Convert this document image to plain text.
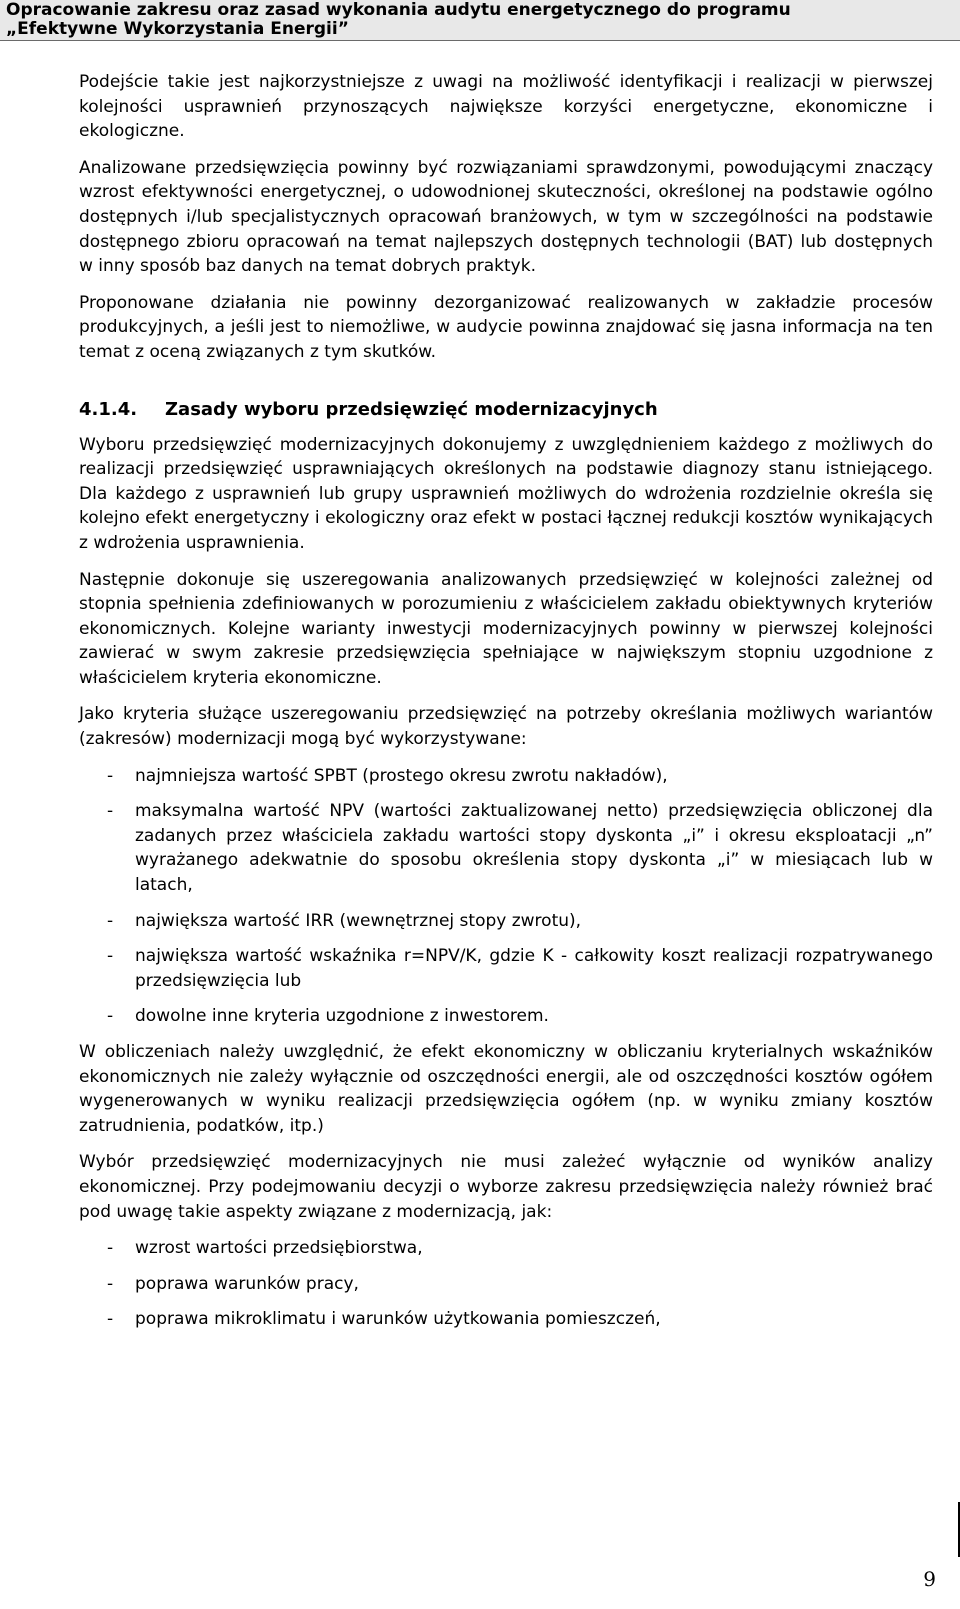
Opracowanie zakresu oraz zasad wykonania audytu energetycznego do programu

„Efektywne Wykorzystania Energii”

Podejście takie jest najkorzystniejsze z uwagi na możliwość identyfikacji i realizacji w pierwszej kolejności usprawnień przynoszących największe korzyści energetyczne, ekonomiczne i ekologiczne.

Analizowane przedsięwzięcia powinny być rozwiązaniami sprawdzonymi, powodującymi znaczący wzrost efektywności energetycznej, o udowodnionej skuteczności, określonej na podstawie ogólno dostępnych i/lub specjalistycznych opracowań branżowych, w tym w szczególności na podstawie dostępnego zbioru opracowań na temat najlepszych dostępnych technologii (BAT) lub dostępnych w inny sposób baz danych na temat dobrych praktyk.

Proponowane działania nie powinny dezorganizować realizowanych w zakładzie procesów produkcyjnych, a jeśli jest to niemożliwe, w audycie powinna znajdować się jasna informacja na ten temat z oceną związanych z tym skutków.

4.1.4. Zasady wyboru przedsięwzięć modernizacyjnych

Wyboru przedsięwzięć modernizacyjnych dokonujemy z uwzględnieniem każdego z możliwych do realizacji przedsięwzięć usprawniających określonych na podstawie diagnozy stanu istniejącego. Dla każdego z usprawnień lub grupy usprawnień możliwych do wdrożenia rozdzielnie określa się kolejno efekt energetyczny i ekologiczny oraz efekt w postaci łącznej redukcji kosztów wynikających z wdrożenia usprawnienia.

Następnie dokonuje się uszeregowania analizowanych przedsięwzięć w kolejności zależnej od stopnia spełnienia zdefiniowanych w porozumieniu z właścicielem zakładu obiektywnych kryteriów ekonomicznych. Kolejne warianty inwestycji modernizacyjnych powinny w pierwszej kolejności zawierać w swym zakresie przedsięwzięcia spełniające w największym stopniu uzgodnione z właścicielem kryteria ekonomiczne.

Jako kryteria służące uszeregowaniu przedsięwzięć na potrzeby określania możliwych wariantów (zakresów) modernizacji mogą być wykorzystywane:

- najmniejsza wartość SPBT (prostego okresu zwrotu nakładów),
- maksymalna wartość NPV (wartości zaktualizowanej netto) przedsięwzięcia obliczonej dla zadanych przez właściciela zakładu wartości stopy dyskonta „i” i okresu eksploatacji „n” wyrażanego adekwatnie do sposobu określenia stopy dyskonta „i” w miesiącach lub w latach,
- największa wartość IRR (wewnętrznej stopy zwrotu),
- największa wartość wskaźnika r=NPV/K, gdzie K - całkowity koszt realizacji rozpatrywanego przedsięwzięcia lub
- dowolne inne kryteria uzgodnione z inwestorem.

W obliczeniach należy uwzględnić, że efekt ekonomiczny w obliczaniu kryterialnych wskaźników ekonomicznych nie zależy wyłącznie od oszczędności energii, ale od oszczędności kosztów ogółem wygenerowanych w wyniku realizacji przedsięwzięcia ogółem (np. w wyniku zmiany kosztów zatrudnienia, podatków, itp.)

Wybór przedsięwzięć modernizacyjnych nie musi zależeć wyłącznie od wyników analizy ekonomicznej. Przy podejmowaniu decyzji o wyborze zakresu przedsięwzięcia należy również brać pod uwagę takie aspekty związane z modernizacją, jak:

- wzrost wartości przedsiębiorstwa,
- poprawa warunków pracy,
- poprawa mikroklimatu i warunków użytkowania pomieszczeń,
9
